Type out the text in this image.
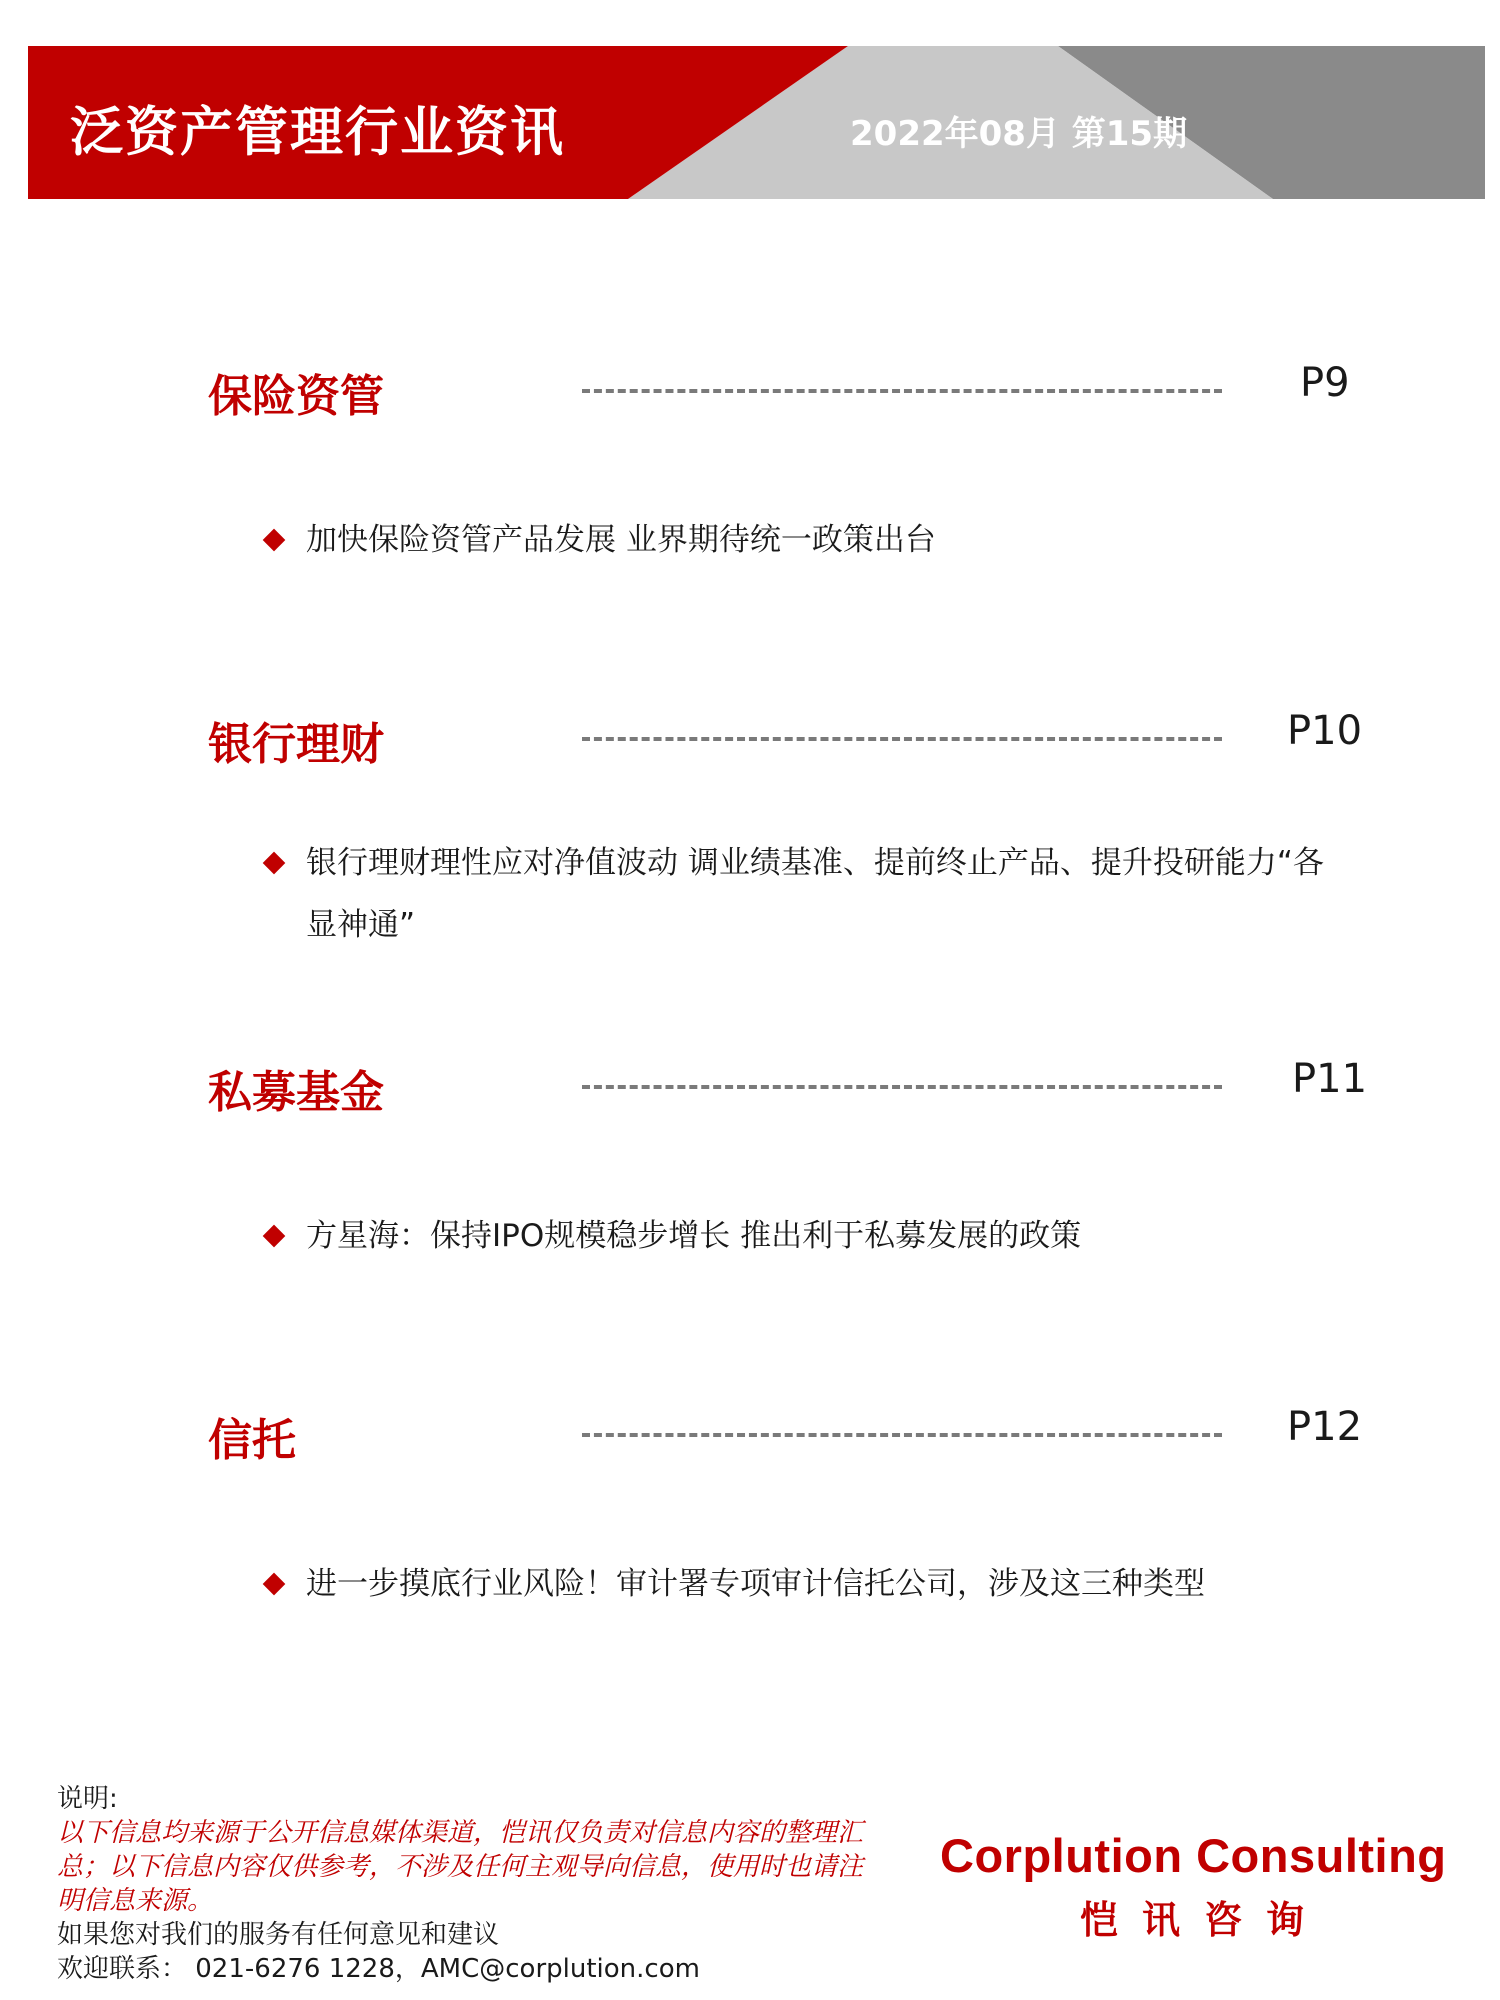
泛资产管理行业资讯	2022年08月 第15期
保险资管	P9
加快保险资管产品发展 业界期待统一政策出台
银行理财	P10
银行理财理性应对净值波动 调业绩基准、提前终止产品、提升投研能力“各显神通”
私募基金	P11
方星海：保持IPO规模稳步增长 推出利于私募发展的政策
信托	P12
进一步摸底行业风险！审计署专项审计信托公司，涉及这三种类型
说明:
以下信息均来源于公开信息媒体渠道，恺讯仅负责对信息内容的整理汇总；以下信息内容仅供参考，不涉及任何主观导向信息，使用时也请注明信息来源。
如果您对我们的服务有任何意见和建议
欢迎联系： 021-6276 1228，AMC@corplution.com
Corplution Consulting
恺讯咨询
